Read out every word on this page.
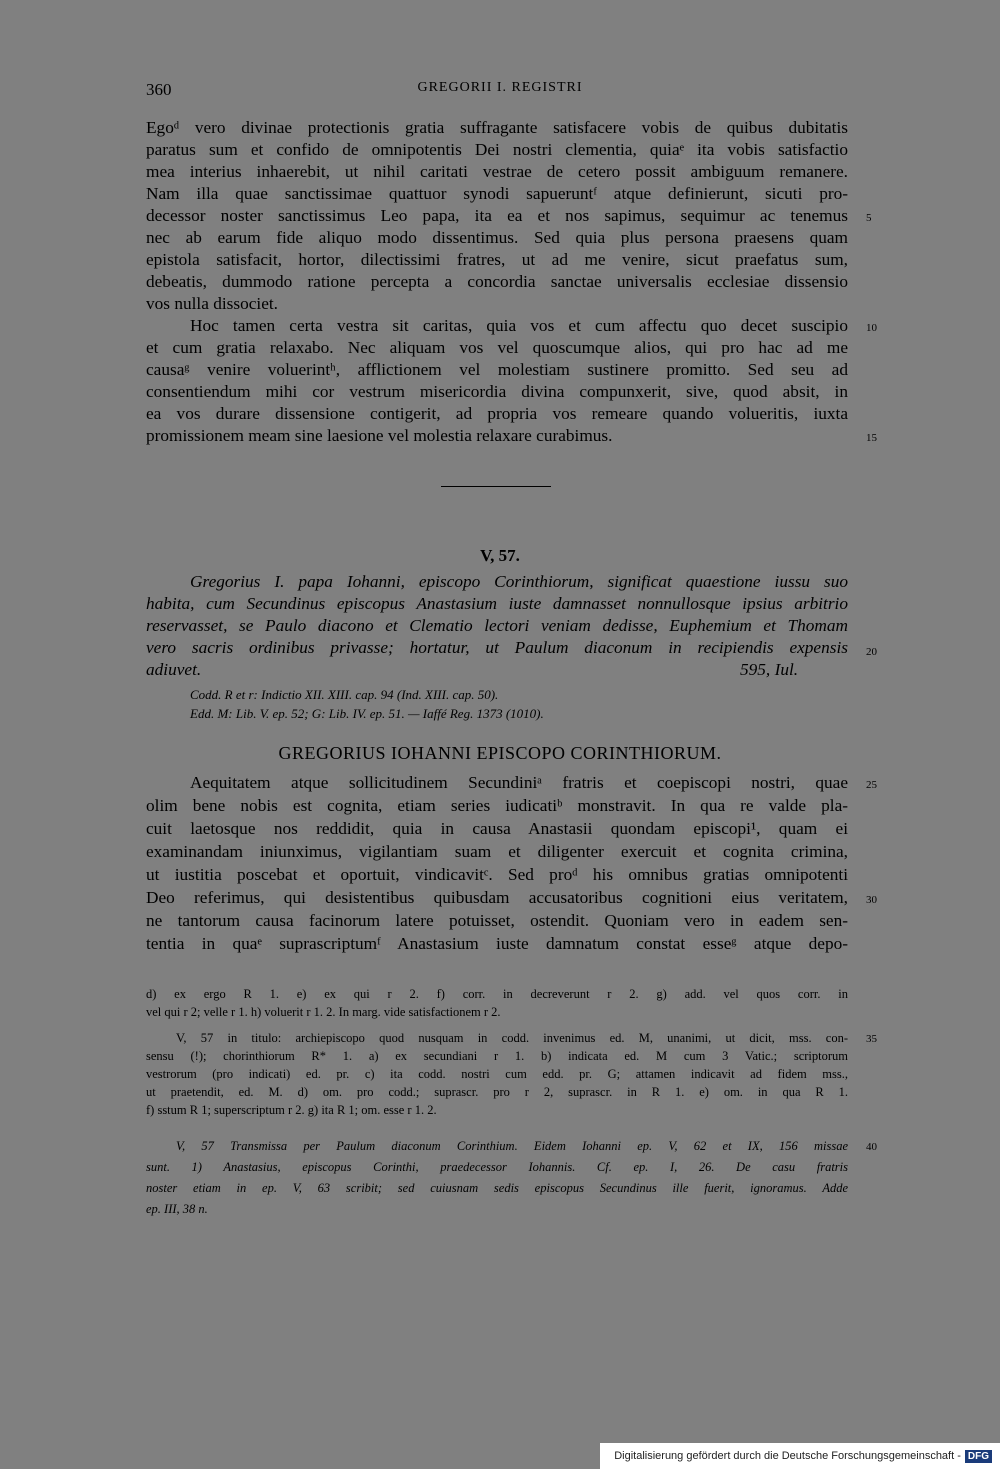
360	GREGORII I. REGISTRI
Egoᵈ vero divinae protectionis gratia suffragante satisfacere vobis de quibus dubitatis
paratus sum et confido de omnipotentis Dei nostri clementia, quiaᵉ ita vobis satisfactio
mea interius inhaerebit, ut nihil caritati vestrae de cetero possit ambiguum remanere.
Nam illa quae sanctissimae quattuor synodi sapueruntᶠ atque definierunt, sicuti pro-
decessor noster sanctissimus Leo papa, ita ea et nos sapimus, sequimur ac tenemus
nec ab earum fide aliquo modo dissentimus. Sed quia plus persona praesens quam
epistola satisfacit, hortor, dilectissimi fratres, ut ad me venire, sicut praefatus sum,
debeatis, dummodo ratione percepta a concordia sanctae universalis ecclesiae dissensio
vos nulla dissociet.
Hoc tamen certa vestra sit caritas, quia vos et cum affectu quo decet suscipio
et cum gratia relaxabo. Nec aliquam vos vel quoscumque alios, qui pro hac ad me
causaᵍ venire voluerintʰ, afflictionem vel molestiam sustinere promitto. Sed seu ad
consentiendum mihi cor vestrum misericordia divina compunxerit, sive, quod absit, in
ea vos durare dissensione contigerit, ad propria vos remeare quando volueritis, iuxta
promissionem meam sine laesione vel molestia relaxare curabimus.
5
10
15
V, 57.
Gregorius I. papa Iohanni, episcopo Corinthiorum, significat quaestione iussu suo
habita, cum Secundinus episcopus Anastasium iuste damnasset nonnullosque ipsius arbitrio
reservasset, se Paulo diacono et Clematio lectori veniam dedisse, Euphemium et Thomam
vero sacris ordinibus privasse; hortatur, ut Paulum diaconum in recipiendis expensis
adiuvet.	595, Iul.
Codd. R et r: Indictio XII. XIII. cap. 94 (Ind. XIII. cap. 50).
Edd. M: Lib. V. ep. 52; G: Lib. IV. ep. 51. — Iaffé Reg. 1373 (1010).
GREGORIUS IOHANNI EPISCOPO CORINTHIORUM.
Aequitatem atque sollicitudinem Secundiniᵃ fratris et coepiscopi nostri, quae
olim bene nobis est cognita, etiam series iudicatiᵇ monstravit. In qua re valde pla-
cuit laetosque nos reddidit, quia in causa Anastasii quondam episcopi¹, quam ei
examinandam iniunximus, vigilantiam suam et diligenter exercuit et cognita crimina,
ut iustitia poscebat et oportuit, vindicavitᶜ. Sed proᵈ his omnibus gratias omnipotenti
Deo referimus, qui desistentibus quibusdam accusatoribus cognitioni eius veritatem,
ne tantorum causa facinorum latere potuisset, ostendit. Quoniam vero in eadem sen-
tentia in quaᵉ suprascriptumᶠ Anastasium iuste damnatum constat esseᵍ atque depo-
20
25
30
d) ex ergo R 1. e) ex qui r 2. f) corr. in decreverunt r 2. g) add. vel quos corr. in
vel qui r 2; velle r 1. h) voluerit r 1. 2. In marg. vide satisfactionem r 2.
V, 57 in titulo: archiepiscopo quod nusquam in codd. invenimus ed. M, unanimi, ut dicit, mss. con-
sensu (!); chorinthiorum R* 1. a) ex secundiani r 1. b) indicata ed. M cum 3 Vatic.; scriptorum
vestrorum (pro indicati) ed. pr. c) ita codd. nostri cum edd. pr. G; attamen indicavit ad fidem mss.,
ut praetendit, ed. M. d) om. pro codd.; suprascr. pro r 2, suprascr. in R 1. e) om. in qua R 1.
f) sstum R 1; superscriptum r 2. g) ita R 1; om. esse r 1. 2.
V, 57 Transmissa per Paulum diaconum Corinthium. Eidem Iohanni ep. V, 62 et IX, 156 missae
sunt. 1) Anastasius, episcopus Corinthi, praedecessor Iohannis. Cf. ep. I, 26. De casu fratris
noster etiam in ep. V, 63 scribit; sed cuiusnam sedis episcopus Secundinus ille fuerit, ignoramus. Adde
ep. III, 38 n.
35
40
Digitalisierung gefördert durch die Deutsche Forschungsgemeinschaft - DFG
